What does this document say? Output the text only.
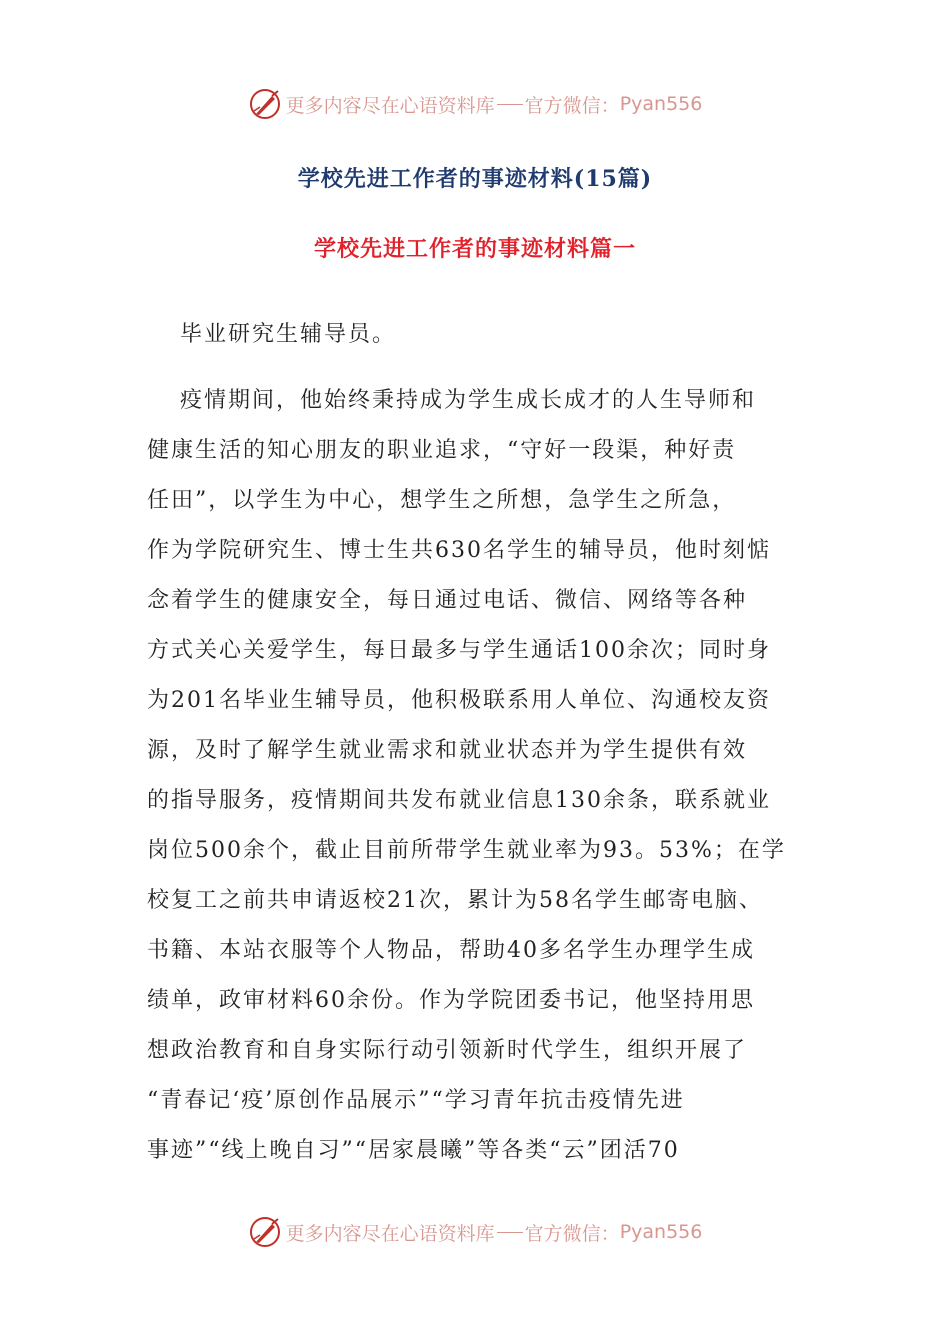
更多内容尽在心语资料库 官方微信： Pyan556
学校先进工作者的事迹材料(15篇)
学校先进工作者的事迹材料篇一
毕业研究生辅导员。
疫情期间，他始终秉持成为学生成长成才的人生导师和
健康生活的知心朋友的职业追求，“守好一段渠，种好责
任田”，以学生为中心，想学生之所想，急学生之所急，
作为学院研究生、博士生共630名学生的辅导员，他时刻惦
念着学生的健康安全，每日通过电话、微信、网络等各种
方式关心关爱学生，每日最多与学生通话100余次；同时身
为201名毕业生辅导员，他积极联系用人单位、沟通校友资
源，及时了解学生就业需求和就业状态并为学生提供有效
的指导服务，疫情期间共发布就业信息130余条，联系就业
岗位500余个，截止目前所带学生就业率为93。53%；在学
校复工之前共申请返校21次，累计为58名学生邮寄电脑、
书籍、本站衣服等个人物品，帮助40多名学生办理学生成
绩单，政审材料60余份。作为学院团委书记，他坚持用思
想政治教育和自身实际行动引领新时代学生，组织开展了
“青春记‘疫’原创作品展示”“学习青年抗击疫情先进
事迹”“线上晚自习”“居家晨曦”等各类“云”团活70
更多内容尽在心语资料库 官方微信： Pyan556
